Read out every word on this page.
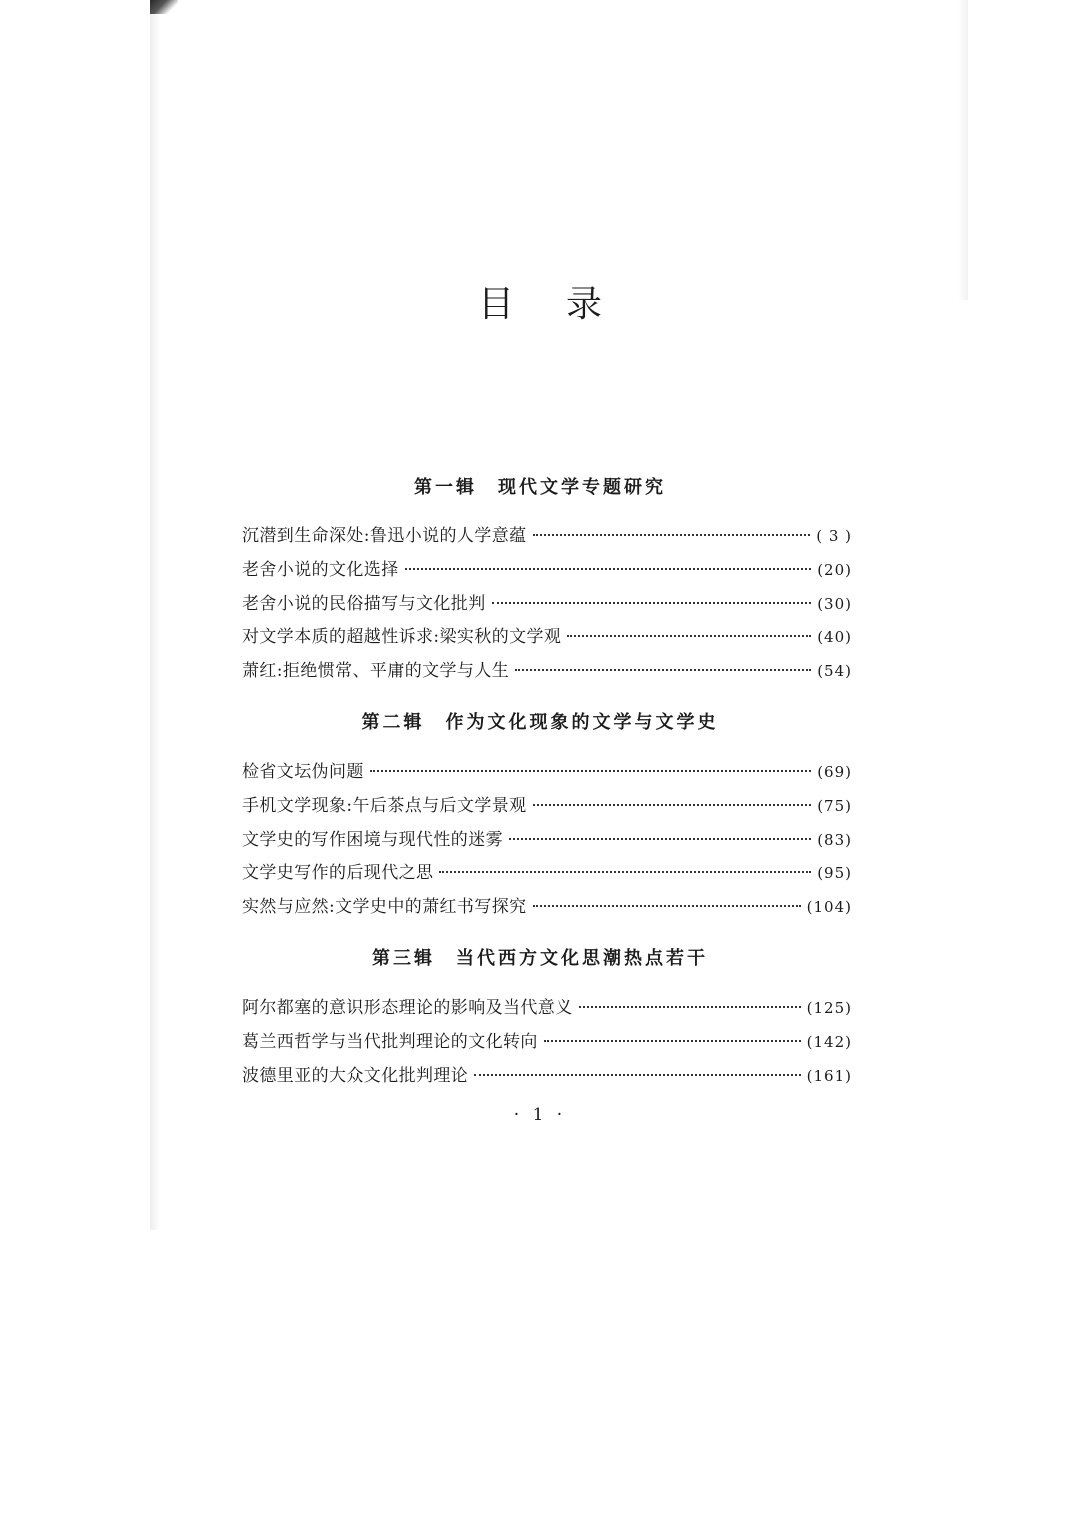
目录
第一辑　现代文学专题研究
沉潜到生命深处:鲁迅小说的人学意蕴	( 3 )
老舍小说的文化选择	(20)
老舍小说的民俗描写与文化批判	(30)
对文学本质的超越性诉求:梁实秋的文学观	(40)
萧红:拒绝惯常、平庸的文学与人生	(54)
第二辑　作为文化现象的文学与文学史
检省文坛伪问题	(69)
手机文学现象:午后茶点与后文学景观	(75)
文学史的写作困境与现代性的迷雾	(83)
文学史写作的后现代之思	(95)
实然与应然:文学史中的萧红书写探究	(104)
第三辑　当代西方文化思潮热点若干
阿尔都塞的意识形态理论的影响及当代意义	(125)
葛兰西哲学与当代批判理论的文化转向	(142)
波德里亚的大众文化批判理论	(161)
· 1 ·
